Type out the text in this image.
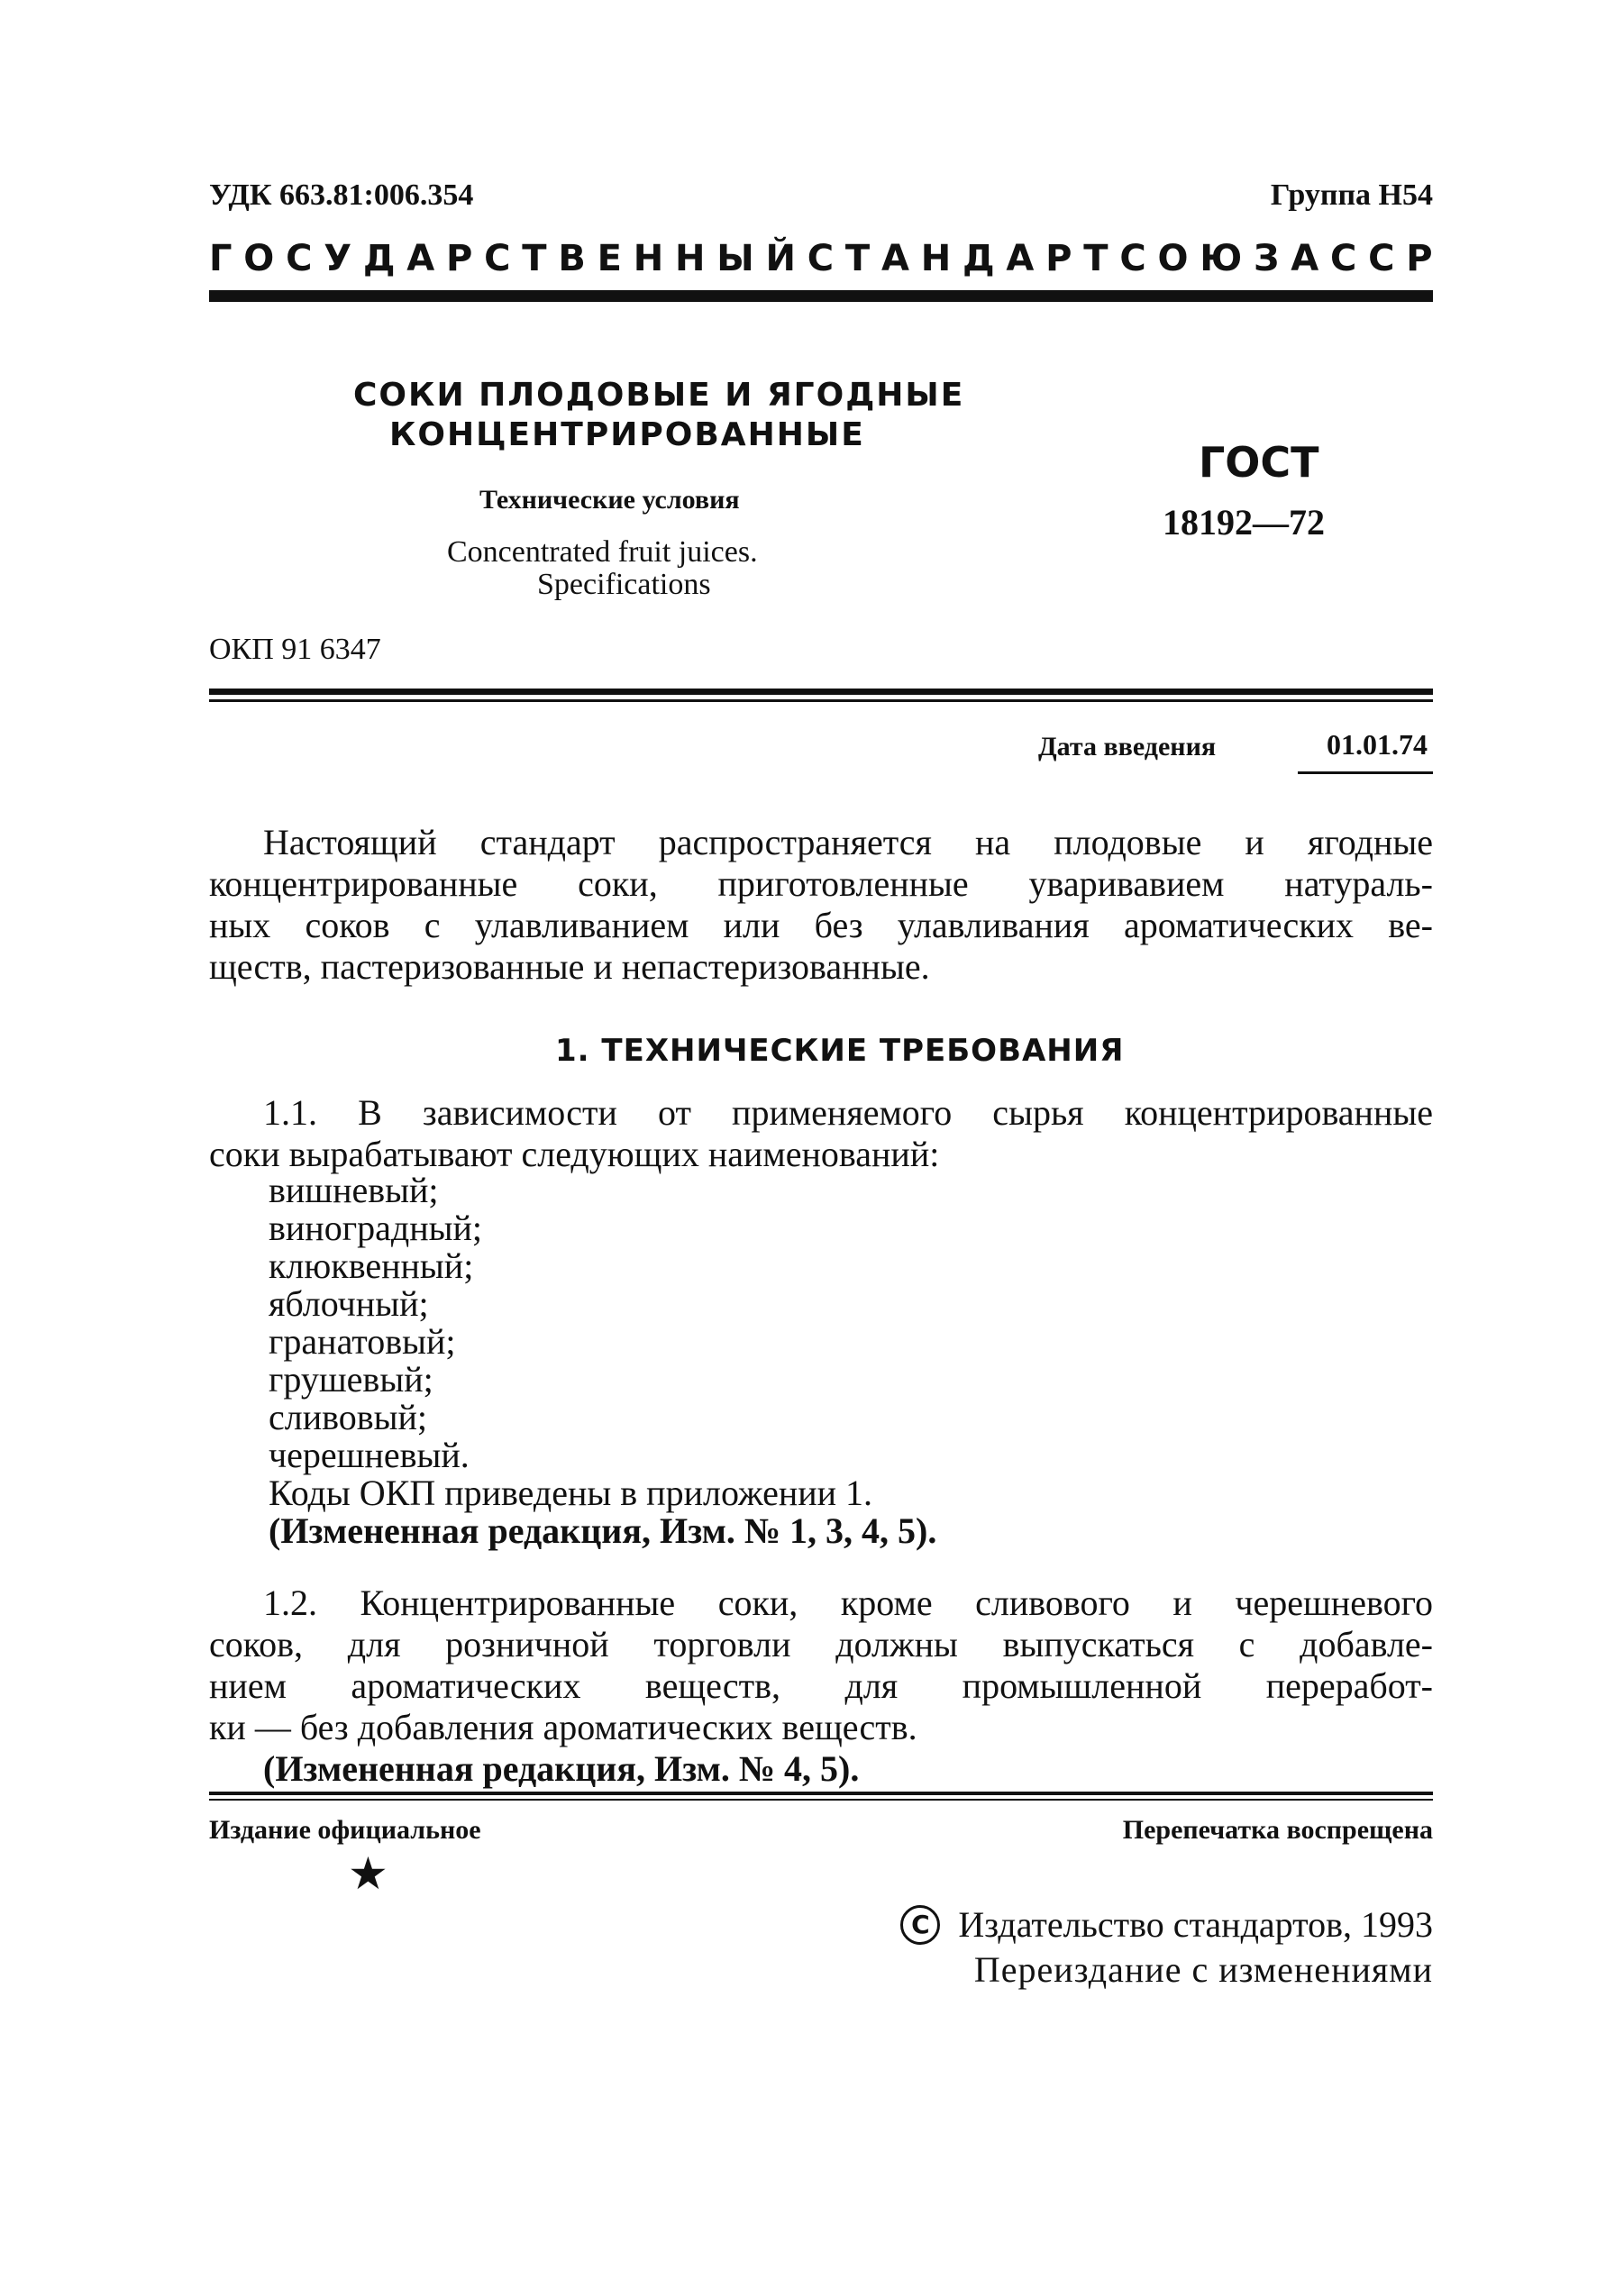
УДК 663.81:006.354	Группа Н54
Г О С У Д А Р С Т В Е Н Н Ы Й С Т А Н Д А Р Т С О Ю З А С С Р
СОКИ ПЛОДОВЫЕ И ЯГОДНЫЕ
КОНЦЕНТРИРОВАННЫЕ
Технические условия
Concentrated fruit juices.
Specifications
ГОСТ
18192—72
ОКП 91 6347
Дата введения	01.01.74
Настоящий стандарт распространяется на плодовые и ягодные
концентрированные соки, приготовленные уваривавием натураль-
ных соков с улавливанием или без улавливания ароматических ве-
ществ, пастеризованные и непастеризованные.
1. ТЕХНИЧЕСКИЕ ТРЕБОВАНИЯ
1.1. В зависимости от применяемого сырья концентрированные
соки вырабатывают следующих наименований:
вишневый;
виноградный;
клюквенный;
яблочный;
гранатовый;
грушевый;
сливовый;
черешневый.
Коды ОКП приведены в приложении 1.
(Измененная редакция, Изм. № 1, 3, 4, 5).
1.2. Концентрированные соки, кроме сливового и черешневого
соков, для розничной торговли должны выпускаться с добавле-
нием ароматических веществ, для промышленной переработ-
ки — без добавления ароматических веществ.
(Измененная редакция, Изм. № 4, 5).
Издание официальное	Перепечатка воспрещена
★
C Издательство стандартов, 1993
Переиздание с изменениями
